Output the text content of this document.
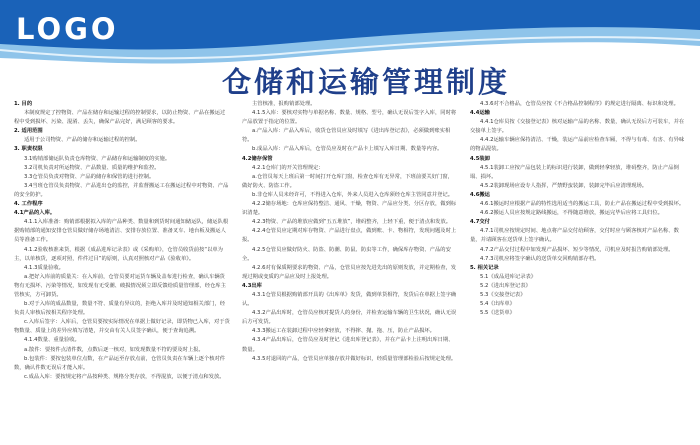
LOGO
仓储和运输管理制度

1. 目的

本制度规定了控物资、产品在储存和运输过程的控制要求，以防止物资、产品在搬运过程中受到损坏、污染、混淆、丢失，确保产品完好，满足顾客的要求。

2. 适用范围

适用于公司物资、产品的储存和运输过程的控制。

3. 职责权限

3.1购销部储运队负责仓库物资、产品储存和运输制度的实施。

3.2司机负责对所运物资、产品数量、质量的维护和监控。

3.3仓管员负责对物资、产品的储存和保管的进行控制。

3.4当班仓管员负责物资、产品进出仓的监控，并监督搬运工在搬运过程中对物资、产品的安全防护。

4. 工作程序

4.1产品的入库。

4.1.1入库准备：购销部根据拟入库的产品种类、数量和到货时间通知储运队，储运队根据购销部的通知安排仓管员做好储存场地清洁、安排存放位置、准备叉车、地台板及搬运人员等准备工作。

4.1.2验收核准来货，根据《成品进库记录表》或《采购单》，仓管员收货前按“以单为主，以单核货，逐项对照，件件过目”的原则，认真对照核对产品《验收单》。

4.1.3质量验收。

a.把好入库前的质量关：在入库前，仓管员要对运货车辆及盖布进行检查，确认车辆货物有无损坏、污染等情况，如发现有无受潮、破损情况须立即反馈给质量管理部，经仓库主管核实，方可卸货。

b.对于入库的成品数量，数量不符、质量有异议的，拒绝入库并及时通知相关部门，经负责人审核后按相关程序处理。

c.入库后签字：入库后，仓管员要按实际情况在单据上做好记录，即货物已入库，对于货物数量、质量上的差异应填写清楚，并交由有关人员签字确认，便于查询追溯。

4.1.4数量、重量验收。

a.散件：要按件点清件数，点数后逐一核对，如发现数量不符的要及时上报。

b.包装件：要按包装单位点数，在产品运至存放点前，仓管员负责在车辆上逐个核对件数，确认件数无误后才能入库。

c.成品入库：要按规定将产品按种类、规格分类存放，不得混放，以便于清点和发放。

主管核准，报购销部处理。

4.1.5入库：要核对实物与单据名称、数量、规格、型号，确认无误后签字入库，同时将产品放置于指定的位置。

a.产品入库：产品入库后，收货仓管员应及时填写《进出库登记表》，必须做到账实相符。

b.成品入库：产品入库后，仓管员应及时在产品卡上填写入库日期、数量等内容。

4.2储存保管

4.2.1仓库门的开关管理规定：

a.仓管员每天上班后第一时间打开仓库门窗，检查仓库有无异常，下班前要关好门窗，做好防火、防盗工作。

b.非仓库人员未经许可，不得进入仓库，外来人员进入仓库须经仓库主管同意并登记。

4.2.2储存场地：仓库应保持整洁、通风、干燥，物资、产品应分类、分区存放，做到标识清楚。

4.2.3物资、产品的堆放应做到“五五堆放”，堆码整齐，上轻下重，便于清点和发放。

4.2.4仓管员应定期对库存物资、产品进行盘点，做到账、卡、物相符，发现问题及时上报。

4.2.5仓管员应做好防火、防盗、防潮、防鼠、防虫等工作，确保库存物资、产品的安全。

4.2.6对有保质期要求的物资、产品，仓管员应按先进先出的原则发放，并定期检查，发现过期或变质的产品应及时上报处理。

4.3出库

4.3.1仓管员根据购销部开具的《出库单》发货，做到单货相符，发货后在单据上签字确认。

4.3.2产品出库时，仓管员应核对提货人的身份，并检查运输车辆的卫生状况，确认无误后方可发货。

4.3.3搬运工在装卸过程中应轻拿轻放，不得摔、抛、拖、压，防止产品损坏。

4.3.4产品出库后，仓管员应及时登记《进出库登记表》，并在产品卡上注明出库日期、数量。

4.3.5对退回的产品，仓管员应单独存放并做好标识，经质量管理部检验后按规定处理。

4.3.6对不合格品，仓管员应按《不合格品控制程序》的规定进行隔离、标识和处理。

4.4运输

4.4.1仓库员按《交接登记表》核对运输产品的名称、数量，确认无误后方可装车，并在交接单上签字。

4.4.2运输车辆应保持清洁、干燥，装运产品前应检查车厢，不得与有毒、有害、有异味的物品混装。

4.5装卸

4.5.1装卸工应按产品包装上的标识进行装卸，做到轻拿轻放，堆码整齐，防止产品倒塌、损坏。

4.5.2装卸现场应设专人指挥，严禁野蛮装卸，装卸完毕后应清理现场。

4.6搬运

4.6.1搬运时应根据产品的特性选用适当的搬运工具，防止产品在搬运过程中受到损坏。

4.6.2搬运人员应按规定路线搬运，不得随意堆放，搬运完毕后应将工具归位。

4.7交付

4.7.1司机应按规定时间、地点将产品交付给顾客，交付时应与顾客核对产品名称、数量，并请顾客在送货单上签字确认。

4.7.2产品交付过程中如发现产品损坏、短少等情况，司机应及时报告购销部处理。

4.7.3司机应将签字确认的送货单交回购销部存档。

5. 相关记录

5.1《成品进库记录表》

5.2《进出库登记表》

5.3《交接登记表》

5.4《出库单》

5.5《送货单》
